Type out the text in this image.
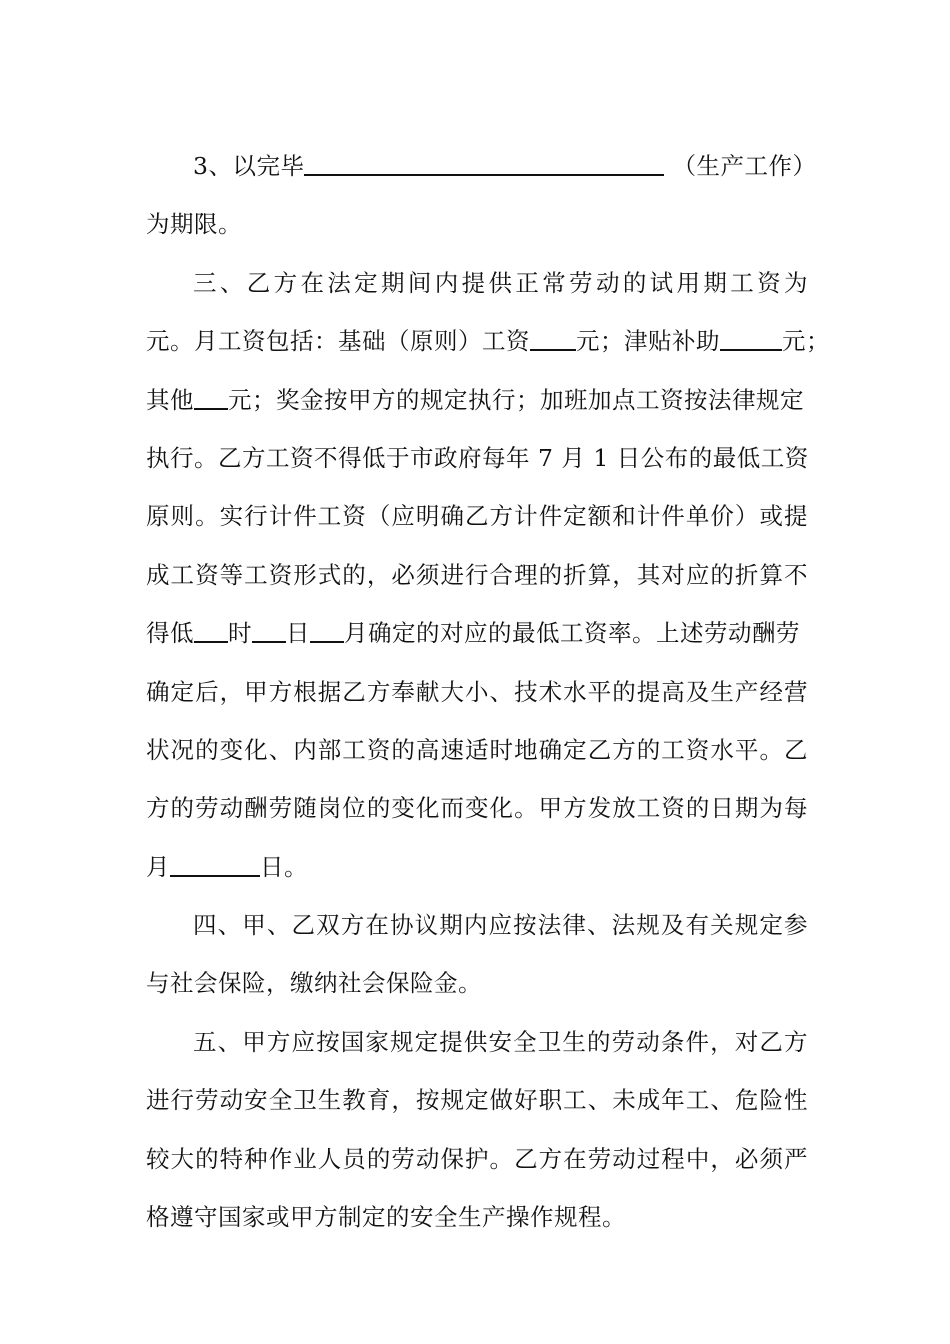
3、以完毕	（生产工作）
为期限。
三、乙方在法定期间内提供正常劳动的试用期工资为
元。月工资包括：基础（原则）工资 元；津贴补助	元；
其他 元；奖金按甲方的规定执行；加班加点工资按法律规定
执行。乙方工资不得低于市政府每年 7 月 1 日公布的最低工资
原则。实行计件工资（应明确乙方计件定额和计件单价）或提
成工资等工资形式的，必须进行合理的折算，其对应的折算不
得低 时 日 月确定的对应的最低工资率。上述劳动酬劳
确定后，甲方根据乙方奉献大小、技术水平的提高及生产经营
状况的变化、内部工资的高速适时地确定乙方的工资水平。乙
方的劳动酬劳随岗位的变化而变化。甲方发放工资的日期为每
月	日。
四、甲、乙双方在协议期内应按法律、法规及有关规定参
与社会保险，缴纳社会保险金。
五、甲方应按国家规定提供安全卫生的劳动条件，对乙方
进行劳动安全卫生教育，按规定做好职工、未成年工、危险性
较大的特种作业人员的劳动保护。乙方在劳动过程中，必须严
格遵守国家或甲方制定的安全生产操作规程。
